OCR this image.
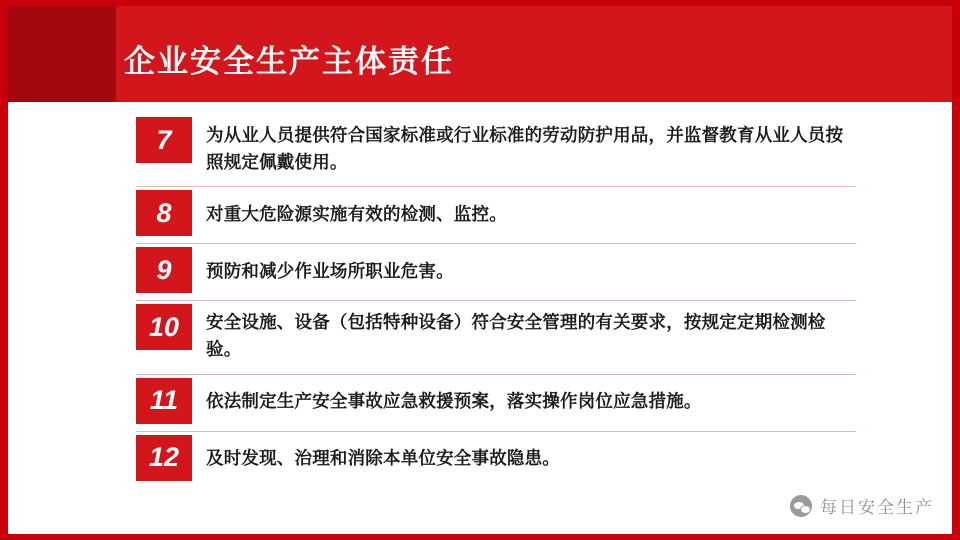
企业安全生产主体责任
7	为从业人员提供符合国家标准或行业标准的劳动防护用品，并监督教育从业人员按照规定佩戴使用。
8	对重大危险源实施有效的检测、监控。
9	预防和减少作业场所职业危害。
10	安全设施、设备（包括特种设备）符合安全管理的有关要求，按规定定期检测检验。
11	依法制定生产安全事故应急救援预案，落实操作岗位应急措施。
12	及时发现、治理和消除本单位安全事故隐患。
每日安全生产
